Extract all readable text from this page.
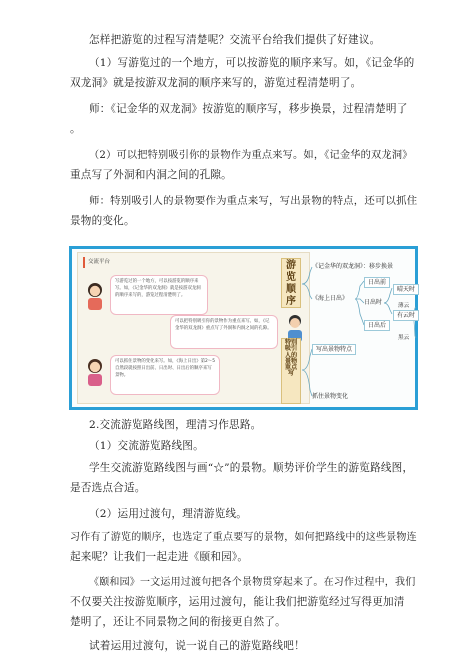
怎样把游览的过程写清楚呢？交流平台给我们提供了好建议。
（1）写游览过的一个地方，可以按游览的顺序来写。如，《记金华的
双龙洞》就是按游双龙洞的顺序来写的，游览过程清楚明了。
师：《记金华的双龙洞》按游览的顺序写，移步换景，过程清楚明了
。
（2）可以把特别吸引你的景物作为重点来写。如，《记金华的双龙洞》
重点写了外洞和内洞之间的孔隙。
师：特别吸引人的景物要作为重点来写，写出景物的特点，还可以抓住
景物的变化。
交流平台
写游览过的一个地方，可以按游览的顺序来写。如，《记金华的双龙洞》就是按游双龙洞的顺序来写的，游览过程清楚明了。
可以把特别吸引你的景物作为重点来写。如，《记金华的双龙洞》重点写了外洞和内洞之间的孔隙。
可以抓住景物的变化来写。如，《海上日出》第2～5自然段就按照日出前、日出时、日出后的顺序来写景物。
游览顺序
特别吸引人的景物重点写
《记金华的双龙洞》：移步换景
《海上日出》
日出前
日出时
日出后
晴天时
有云时
薄云
黑云
写出景物特点
抓住景物变化
2.交流游览路线图，理清习作思路。
（1）交流游览路线图。
学生交流游览路线图与画“☆”的景物。顺势评价学生的游览路线图，
是否选点合适。
（2）运用过渡句，理清游览线。
习作有了游览的顺序，也选定了重点要写的景物，如何把路线中的这些景物连
起来呢？让我们一起走进《颐和园》。
《颐和园》一文运用过渡句把各个景物贯穿起来了。在习作过程中，我们
不仅要关注按游览顺序，运用过渡句，能让我们把游览经过写得更加清
楚明了，还让不同景物之间的衔接更自然了。
试着运用过渡句，说一说自己的游览路线吧！
